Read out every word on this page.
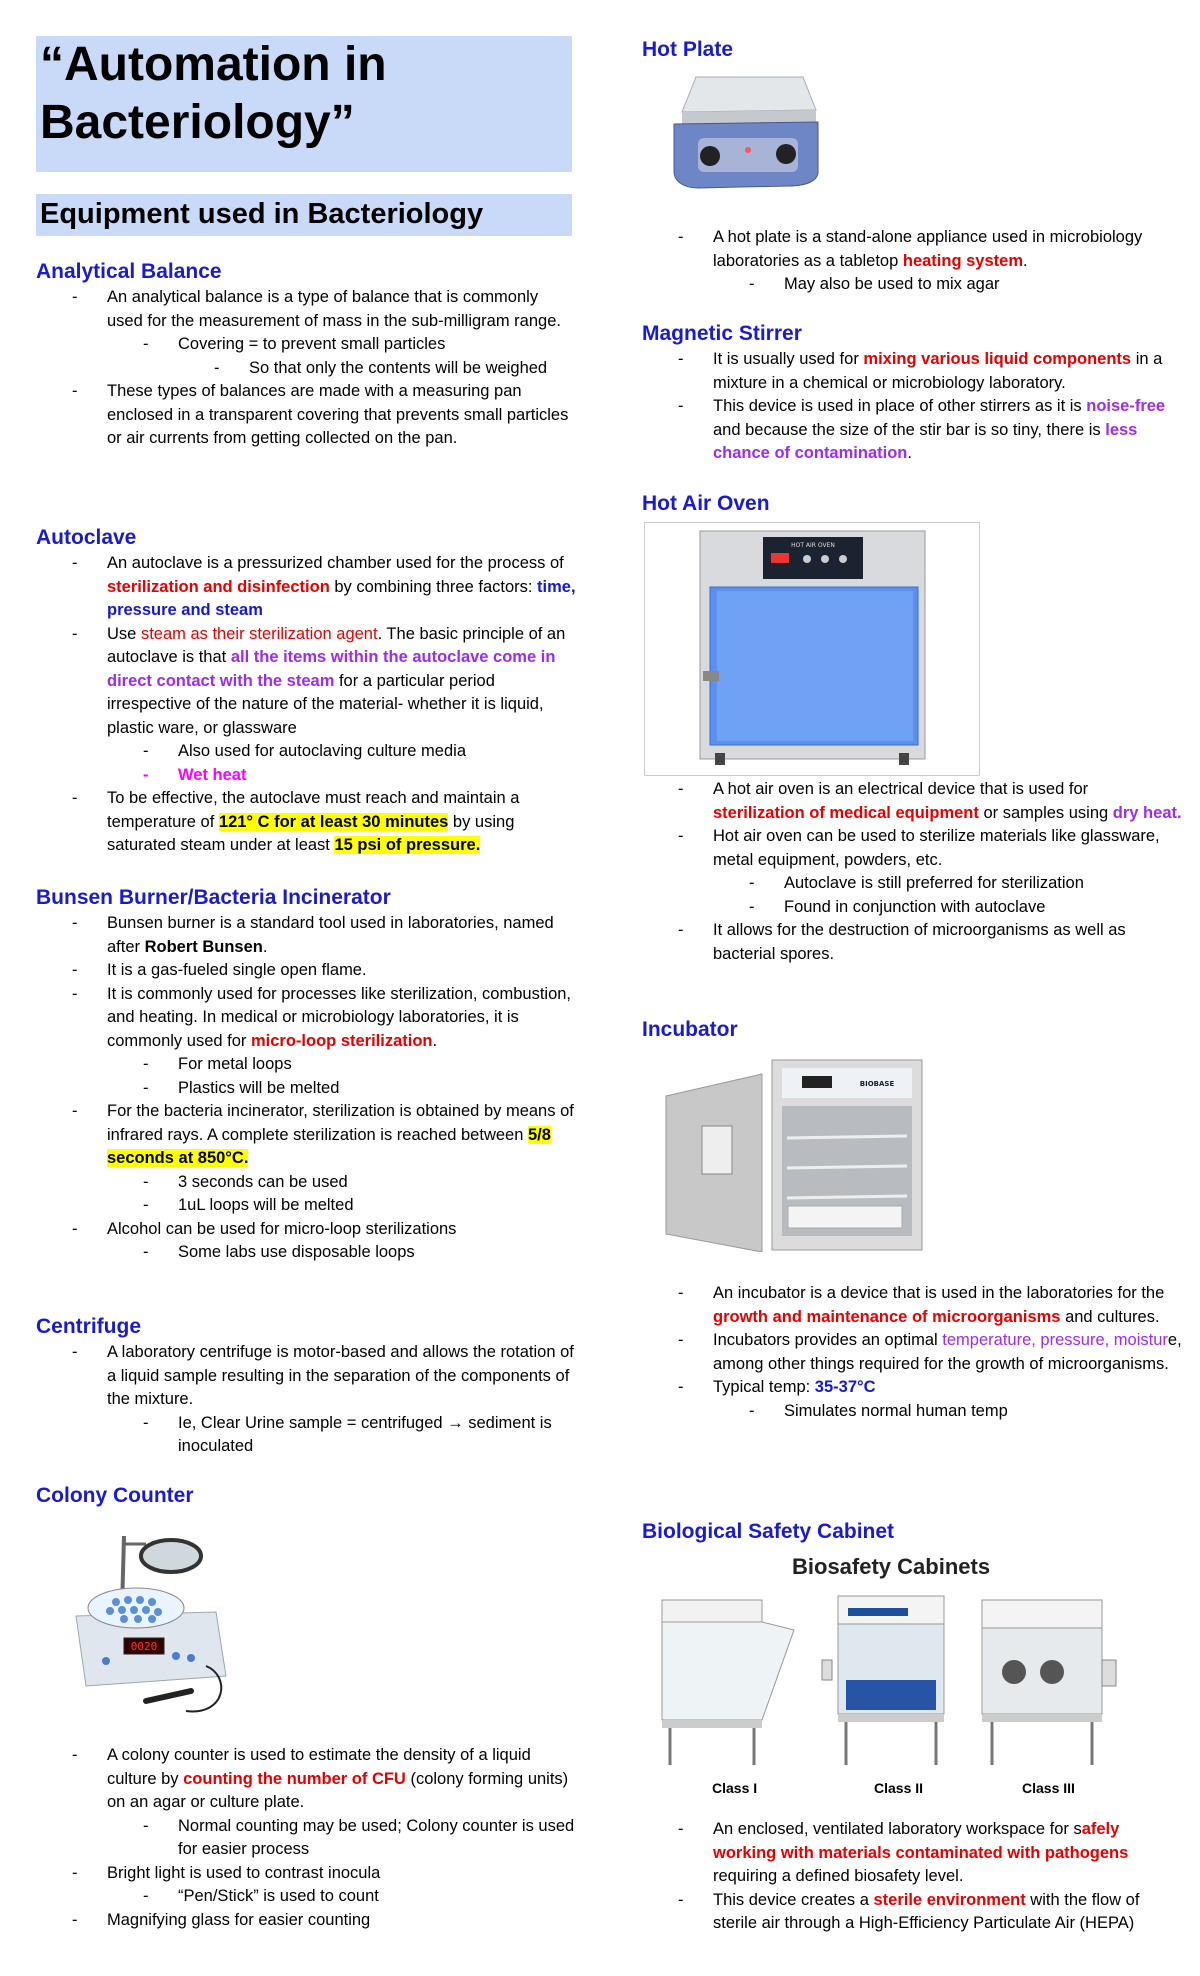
“Automation in Bacteriology”
Equipment used in Bacteriology
Analytical Balance
- An analytical balance is a type of balance that is commonly used for the measurement of mass in the sub-milligram range.
- Covering = to prevent small particles
- So that only the contents will be weighed
- These types of balances are made with a measuring pan enclosed in a transparent covering that prevents small particles or air currents from getting collected on the pan.
Autoclave
- An autoclave is a pressurized chamber used for the process of sterilization and disinfection by combining three factors: time, pressure and steam
- Use steam as their sterilization agent. The basic principle of an autoclave is that all the items within the autoclave come in direct contact with the steam for a particular period irrespective of the nature of the material- whether it is liquid, plastic ware, or glassware
- Also used for autoclaving culture media
- Wet heat
- To be effective, the autoclave must reach and maintain a temperature of 121° C for at least 30 minutes by using saturated steam under at least 15 psi of pressure.
Bunsen Burner/Bacteria Incinerator
- Bunsen burner is a standard tool used in laboratories, named after Robert Bunsen.
- It is a gas-fueled single open flame.
- It is commonly used for processes like sterilization, combustion, and heating. In medical or microbiology laboratories, it is commonly used for micro-loop sterilization.
- For metal loops
- Plastics will be melted
- For the bacteria incinerator, sterilization is obtained by means of infrared rays. A complete sterilization is reached between 5/8 seconds at 850°C.
- 3 seconds can be used
- 1uL loops will be melted
- Alcohol can be used for micro-loop sterilizations
- Some labs use disposable loops
Centrifuge
- A laboratory centrifuge is motor-based and allows the rotation of a liquid sample resulting in the separation of the components of the mixture.
- Ie, Clear Urine sample = centrifuged → sediment is inoculated
Colony Counter
0020
- A colony counter is used to estimate the density of a liquid culture by counting the number of CFU (colony forming units) on an agar or culture plate.
- Normal counting may be used; Colony counter is used for easier process
- Bright light is used to contrast inocula
- “Pen/Stick” is used to count
- Magnifying glass for easier counting
Hot Plate
- A hot plate is a stand-alone appliance used in microbiology laboratories as a tabletop heating system.
- May also be used to mix agar
Magnetic Stirrer
- It is usually used for mixing various liquid components in a mixture in a chemical or microbiology laboratory.
- This device is used in place of other stirrers as it is noise-free and because the size of the stir bar is so tiny, there is less chance of contamination.
Hot Air Oven
HOT AIR OVEN
- A hot air oven is an electrical device that is used for sterilization of medical equipment or samples using dry heat.
- Hot air oven can be used to sterilize materials like glassware, metal equipment, powders, etc.
- Autoclave is still preferred for sterilization
- Found in conjunction with autoclave
- It allows for the destruction of microorganisms as well as bacterial spores.
Incubator
BIOBASE
- An incubator is a device that is used in the laboratories for the growth and maintenance of microorganisms and cultures.
- Incubators provides an optimal temperature, pressure, moisture, among other things required for the growth of microorganisms.
- Typical temp: 35-37°C
- Simulates normal human temp
Biological Safety Cabinet
Biosafety Cabinets
Class I	Class II	Class III
- An enclosed, ventilated laboratory workspace for safely working with materials contaminated with pathogens requiring a defined biosafety level.
- This device creates a sterile environment with the flow of sterile air through a High-Efficiency Particulate Air (HEPA)
